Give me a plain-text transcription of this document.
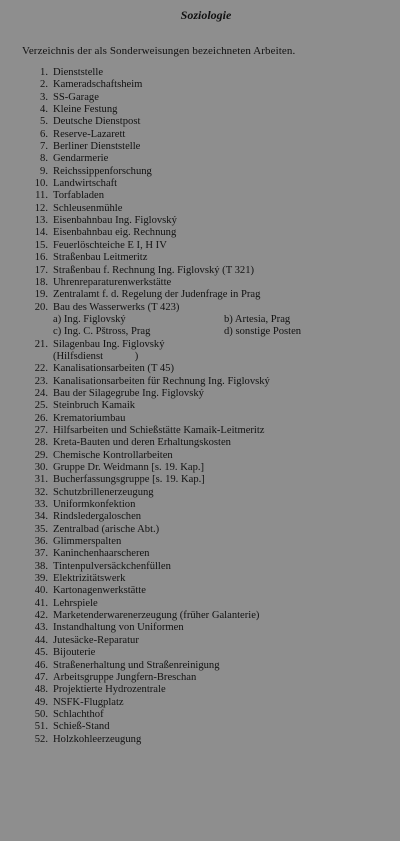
Soziologie
Verzeichnis der als Sonderweisungen bezeichneten Arbeiten.
1. Dienststelle
2. Kameradschaftsheim
3. SS-Garage
4. Kleine Festung
5. Deutsche Dienstpost
6. Reserve-Lazarett
7. Berliner Dienststelle
8. Gendarmerie
9. Reichssippenforschung
10. Landwirtschaft
11. Torfabladen
12. Schleusenmühle
13. Eisenbahnbau Ing. Figlovský
14. Eisenbahnbau eig. Rechnung
15. Feuerlöschteiche E I, H IV
16. Straßenbau Leitmeritz
17. Straßenbau f. Rechnung Ing. Figlovský (T 321)
18. Uhrenreparaturenwerkstätte
19. Zentralamt f. d. Regelung der Judenfrage in Prag
20. Bau des Wasserwerks (T 423)
a) Ing. Figlovský	b) Artesia, Prag
c) Ing. C. Pštross, Prag	d) sonstige Posten
21. Silagenbau Ing. Figlovský
(Hilfsdienst            )
22. Kanalisationsarbeiten (T 45)
23. Kanalisationsarbeiten für Rechnung Ing. Figlovský
24. Bau der Silagegrube Ing. Figlovský
25. Steinbruch Kamaik
26. Krematoriumbau
27. Hilfsarbeiten und Schießstätte Kamaik-Leitmeritz
28. Kreta-Bauten und deren Erhaltungskosten
29. Chemische Kontrollarbeiten
30. Gruppe Dr. Weidmann [s. 19. Kap.]
31. Bucherfassungsgruppe [s. 19. Kap.]
32. Schutzbrillenerzeugung
33. Uniformkonfektion
34. Rindsledergaloschen
35. Zentralbad (arische Abt.)
36. Glimmerspalten
37. Kaninchenhaarscheren
38. Tintenpulversäckchenfüllen
39. Elektrizitätswerk
40. Kartonagenwerkstätte
41. Lehrspiele
42. Marketenderwarenerzeugung (früher Galanterie)
43. Instandhaltung von Uniformen
44. Jutesäcke-Reparatur
45. Bijouterie
46. Straßenerhaltung und Straßenreinigung
47. Arbeitsgruppe Jungfern-Breschan
48. Projektierte Hydrozentrale
49. NSFK-Flugplatz
50. Schlachthof
51. Schieß-Stand
52. Holzkohleerzeugung
